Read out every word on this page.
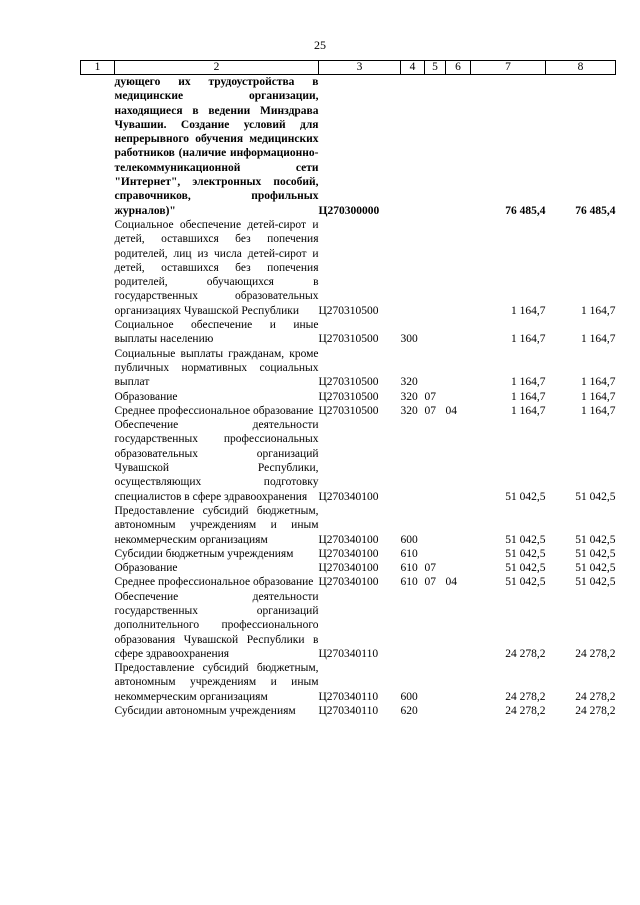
25
1	2	3	4	5	6	7	8
	дующего их трудоустройства в медицинские организации, находящиеся в ведении Минздрава Чувашии. Создание условий для непрерывного обучения медицинских работников (наличие информационно-телекоммуникационной сети "Интернет", электронных пособий, справочников, профильных журналов)"	Ц270300000				76 485,4	76 485,4
	Социальное обеспечение детей-сирот и детей, оставшихся без попечения родителей, лиц из числа детей-сирот и детей, оставшихся без попечения родителей, обучающихся в государственных образовательных организациях Чувашской Республики	Ц270310500				1 164,7	1 164,7
	Социальное обеспечение и иные выплаты населению	Ц270310500	300			1 164,7	1 164,7
	Социальные выплаты гражданам, кроме публичных нормативных социальных выплат	Ц270310500	320			1 164,7	1 164,7
	Образование	Ц270310500	320	07		1 164,7	1 164,7
	Среднее профессиональное образование	Ц270310500	320	07	04	1 164,7	1 164,7
	Обеспечение деятельности государственных профессиональных образовательных организаций Чувашской Республики, осуществляющих подготовку специалистов в сфере здравоохранения	Ц270340100				51 042,5	51 042,5
	Предоставление субсидий бюджетным, автономным учреждениям и иным некоммерческим организациям	Ц270340100	600			51 042,5	51 042,5
	Субсидии бюджетным учреждениям	Ц270340100	610			51 042,5	51 042,5
	Образование	Ц270340100	610	07		51 042,5	51 042,5
	Среднее профессиональное образование	Ц270340100	610	07	04	51 042,5	51 042,5
	Обеспечение деятельности государственных организаций дополнительного профессионального образования Чувашской Республики в сфере здравоохранения	Ц270340110				24 278,2	24 278,2
	Предоставление субсидий бюджетным, автономным учреждениям и иным некоммерческим организациям	Ц270340110	600			24 278,2	24 278,2
	Субсидии автономным учреждениям	Ц270340110	620			24 278,2	24 278,2
